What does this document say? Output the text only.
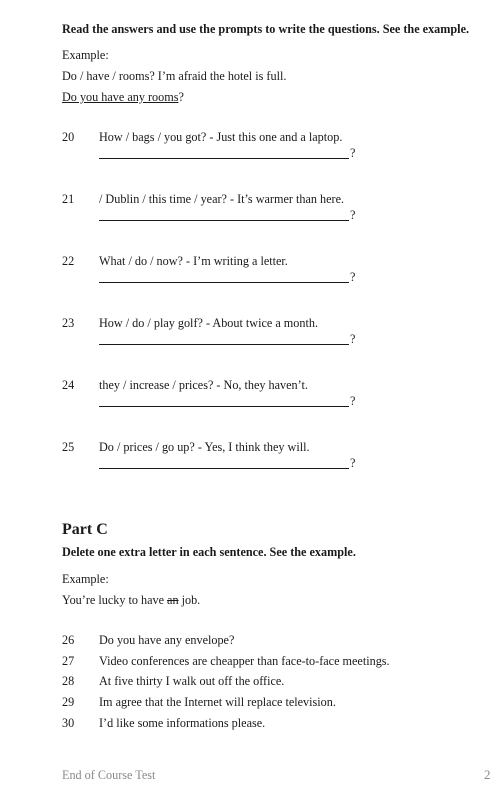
Read the answers and use the prompts to write the questions. See the example.
Example:
Do / have / rooms? I’m afraid the hotel is full.
Do you have any rooms?
20 How / bags / you got? - Just this one and a laptop.
?
21 / Dublin / this time / year? - It’s warmer than here.
?
22 What / do / now? - I’m writing a letter.
?
23 How / do / play golf? - About twice a month.
?
24 they / increase / prices? - No, they haven’t.
?
25 Do / prices / go up? - Yes, I think they will.
?
Part C
Delete one extra letter in each sentence. See the example.
Example:
You’re lucky to have an job.
26 Do you have any envelope?
27 Video conferences are cheapper than face-to-face meetings.
28 At five thirty I walk out off the office.
29 Im agree that the Internet will replace television.
30 I’d like some informations please.
End of Course Test	2
